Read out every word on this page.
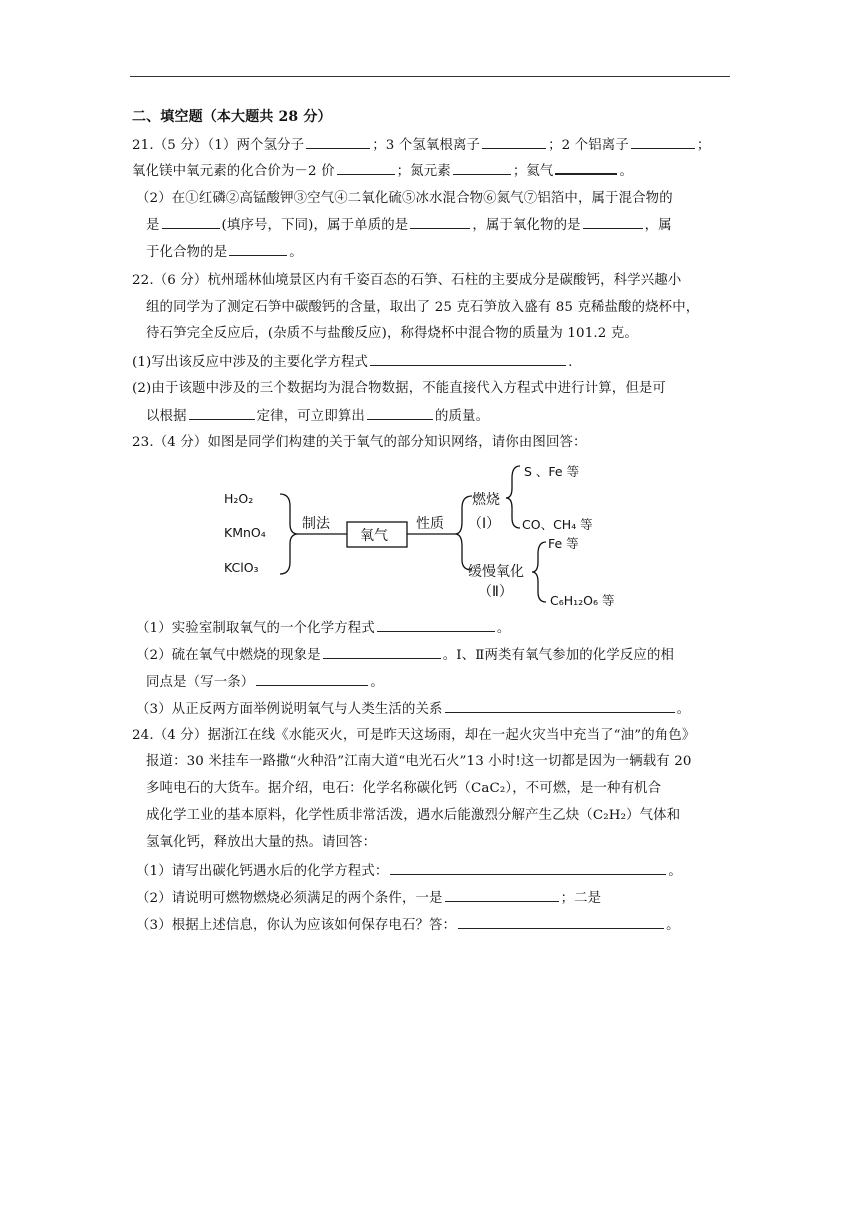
二、填空题（本大题共 28 分）
21.（5 分）（1）两个氢分子	；3 个氢氧根离子	；2 个铝离子	；
氧化镁中氧元素的化合价为－2 价	；氮元素	；氦气	。
（2）在①红磷②高锰酸钾③空气④二氧化硫⑤冰水混合物⑥氮气⑦铝箔中，属于混合物的
是	(填序号，下同)，属于单质的是	，属于氧化物的是	，属
于化合物的是	。
22.（6 分）杭州瑶林仙境景区内有千姿百态的石笋、石柱的主要成分是碳酸钙，科学兴趣小
组的同学为了测定石笋中碳酸钙的含量，取出了 25 克石笋放入盛有 85 克稀盐酸的烧杯中，
待石笋完全反应后，(杂质不与盐酸反应)，称得烧杯中混合物的质量为 101.2 克。
(1)写出该反应中涉及的主要化学方程式	.
(2)由于该题中涉及的三个数据均为混合物数据，不能直接代入方程式中进行计算，但是可
以根据	定律，可立即算出	的质量。
23.（4 分）如图是同学们构建的关于氧气的部分知识网络，请你由图回答：
H₂O₂
KMnO₄
KClO₃
制法
氧气
性质
燃烧
（Ⅰ）
S 、Fe 等
CO、CH₄ 等
缓慢氧化
（Ⅱ）
Fe 等
C₆H₁₂O₆ 等
（1）实验室制取氧气的一个化学方程式	。
（2）硫在氧气中燃烧的现象是	。Ⅰ、Ⅱ两类有氧气参加的化学反应的相
同点是（写一条）	。
（3）从正反两方面举例说明氧气与人类生活的关系	。
24.（4 分）据浙江在线《水能灭火，可是昨天这场雨，却在一起火灾当中充当了“油”的角色》
报道：30 米挂车一路撒“火种沿”江南大道“电光石火”13 小时!这一切都是因为一辆载有 20
多吨电石的大货车。据介绍，电石：化学名称碳化钙（CaC₂），不可燃，是一种有机合
成化学工业的基本原料，化学性质非常活泼，遇水后能激烈分解产生乙炔（C₂H₂）气体和
氢氧化钙，释放出大量的热。请回答：
（1）请写出碳化钙遇水后的化学方程式：	。
（2）请说明可燃物燃烧必须满足的两个条件，一是	；二是
（3）根据上述信息，你认为应该如何保存电石？答：	。
